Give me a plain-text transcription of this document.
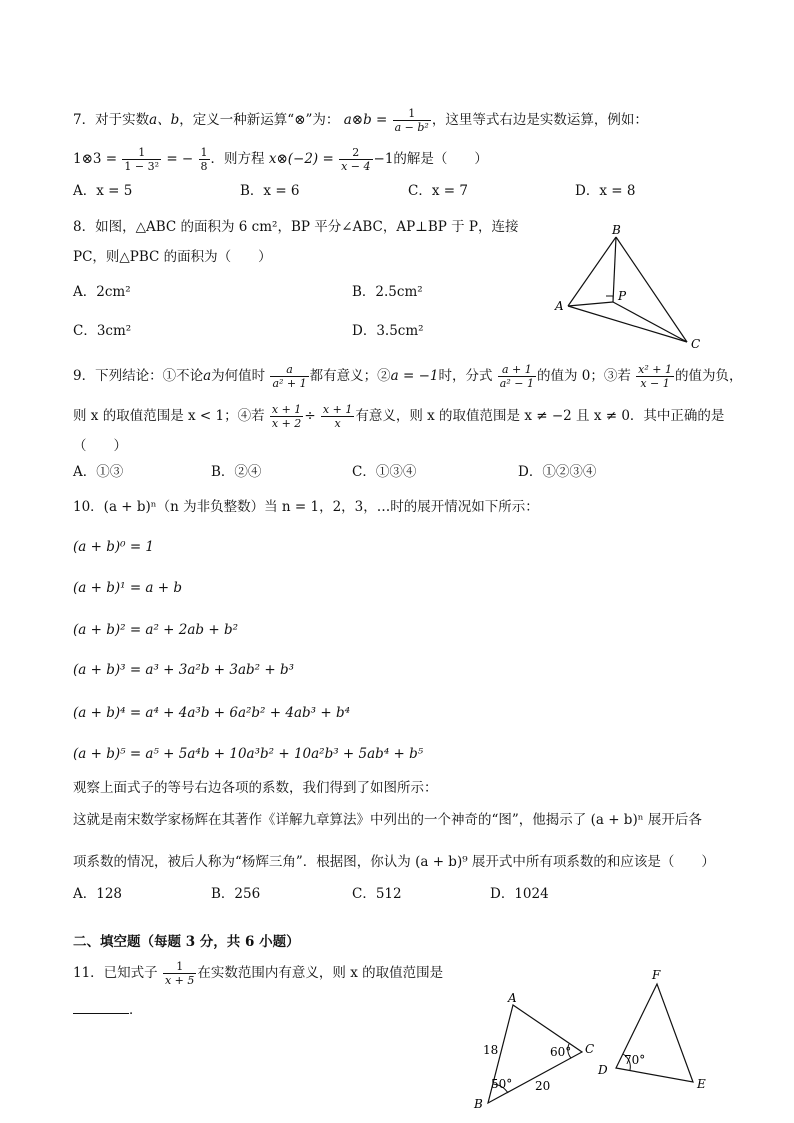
7．对于实数a、b，定义一种新运算“⊗”为： a⊗b = $\frac{1}{\text{a − b²}}$ ，这里等式右边是实数运算，例如：
1⊗3 = $\frac{1}{\text{1 − 3²}}$ = − $\frac{1}{8}$ ．则方程 x⊗(−2) = $\frac{2}{x - 4} -1$的解是（　　）
A．x = 5	B．x = 6	C．x = 7	D．x = 8
8．如图，△ABC 的面积为 6 cm²，BP 平分∠ABC，AP⊥BP 于 P，连接
PC，则△PBC 的面积为（　　）
A．2cm²	B．2.5cm²
C．3cm²	D．3.5cm²
B
A
P
C
9．下列结论：①不论a为何值时 $\frac{a}{\text{a² + 1}}$ 都有意义；②a = −1时，分式 $\frac{a + 1}{\text{a² − 1}}$ 的值为 0；③若 $\frac{\text{x² + 1}}{x - 1}$ 的值为负，
则 x 的取值范围是 x < 1；④若 $\frac{x + 1}{x + 2} \div \frac{x + 1}{x}$ 有意义，则 x 的取值范围是 x ≠ −2 且 x ≠ 0．其中正确的是
（　　）
A．①③	B．②④	C．①③④	D．①②③④
10．(a + b)ⁿ（n 为非负整数）当 n = 1，2，3，…时的展开情况如下所示：
(a + b)⁰ = 1
(a + b)¹ = a + b
(a + b)² = a² + 2ab + b²
(a + b)³ = a³ + 3a²b + 3ab² + b³
(a + b)⁴ = a⁴ + 4a³b + 6a²b² + 4ab³ + b⁴
(a + b)⁵ = a⁵ + 5a⁴b + 10a³b² + 10a²b³ + 5ab⁴ + b⁵
观察上面式子的等号右边各项的系数，我们得到了如图所示：
这就是南宋数学家杨辉在其著作《详解九章算法》中列出的一个神奇的“图”，他揭示了 (a + b)ⁿ 展开后各
项系数的情况，被后人称为“杨辉三角”．根据图，你认为 (a + b)⁹ 展开式中所有项系数的和应该是（　　）
A．128	B．256	C．512	D．1024
二、填空题（每题 3 分，共 6 小题）
11．已知式子 $\frac{1}{x + 5}$ 在实数范围内有意义，则 x 的取值范围是
．
A
B
C
D
E
F
18
20
50°
60°
70°
